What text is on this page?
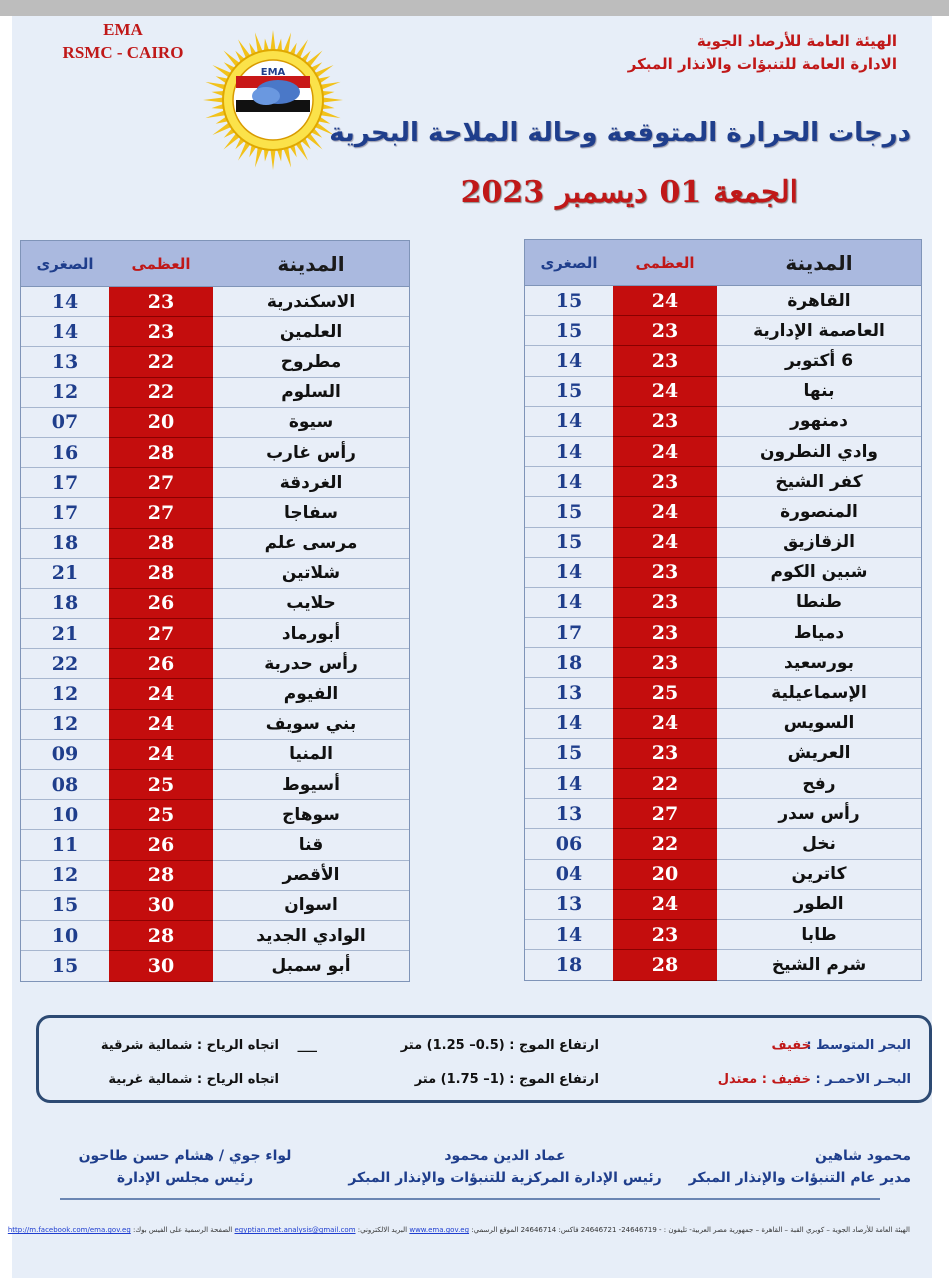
EMA
RSMC - CAIRO
EMA
الهيئة العامة للأرصاد الجوية
الادارة العامة للتنبؤات والانذار المبكر
درجات الحرارة المتوقعة وحالة الملاحة البحرية
الجمعة01ديسمبر2023
الصغرى	العظمى	المدينة
14	23	الاسكندرية
14	23	العلمين
13	22	مطروح
12	22	السلوم
07	20	سيوة
16	28	رأس غارب
17	27	الغردقة
17	27	سفاجا
18	28	مرسى علم
21	28	شلاتين
18	26	حلايب
21	27	أبورماد
22	26	رأس حدربة
12	24	الفيوم
12	24	بني سويف
09	24	المنيا
08	25	أسيوط
10	25	سوهاج
11	26	قنا
12	28	الأقصر
15	30	اسوان
10	28	الوادي الجديد
15	30	أبو سمبل
الصغرى	العظمى	المدينة
15	24	القاهرة
15	23	العاصمة الإدارية
14	23	6 أكتوبر
15	24	بنها
14	23	دمنهور
14	24	وادي النطرون
14	23	كفر الشيخ
15	24	المنصورة
15	24	الزقازيق
14	23	شبين الكوم
14	23	طنطا
17	23	دمياط
18	23	بورسعيد
13	25	الإسماعيلية
14	24	السويس
15	23	العريش
14	22	رفح
13	27	رأس سدر
06	22	نخل
04	20	كاترين
13	24	الطور
14	23	طابا
18	28	شرم الشيخ
البحر المتوسط :
خفيف
ارتفاع الموج : (0.5– 1.25) متر
___
اتجاه الرياح : شمالية شرقية
البحـر الاحمـر :
خفيف : معتدل
ارتفاع الموج : (1– 1.75) متر
اتجاه الرياح : شمالية غربية
محمود شاهين
مدير عام التنبؤات والإنذار المبكر
عماد الدين محمود
رئيس الإدارة المركزية للتنبؤات والإنذار المبكر
لواء جوي / هشام حسن طاحون
رئيس مجلس الإدارة
الهيئة العامة للأرصاد الجوية – كوبري القبة – القاهرة – جمهورية مصر العربية- تليفون : - 24646719- 24646721 فاكس: 24646714 الموقع الرسمي: www.ema.gov.eg البريد الالكتروني: egyptian.met.analysis@gmail.com الصفحة الرسمية على الفيس بوك: http://m.facebook.com/ema.gov.eg
